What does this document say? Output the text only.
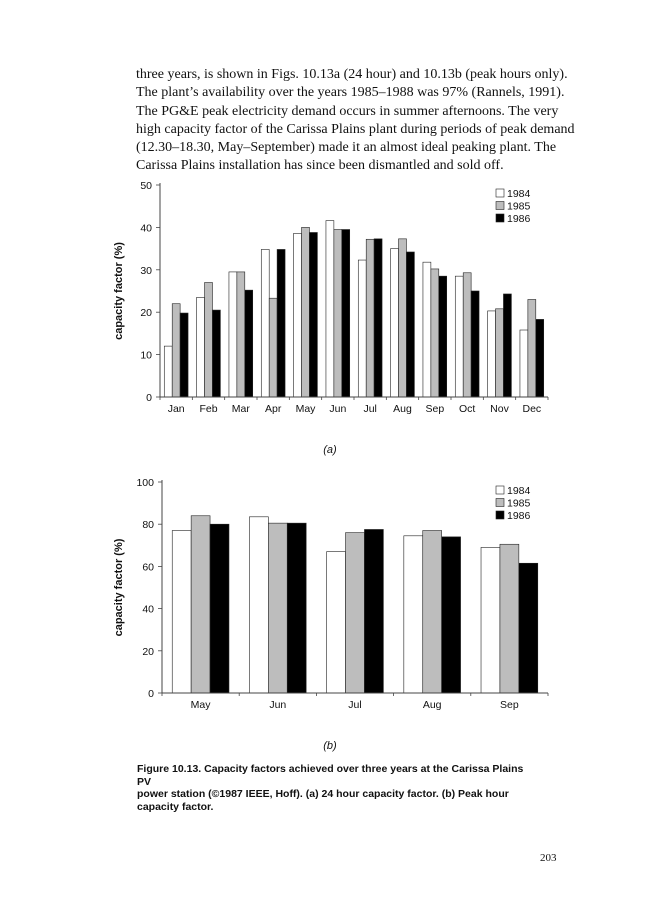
three years, is shown in Figs. 10.13a (24 hour) and 10.13b (peak hours only).

The plant’s availability over the years 1985–1988 was 97% (Rannels, 1991).

The PG&E peak electricity demand occurs in summer afternoons. The very

high capacity factor of the Carissa Plains plant during periods of peak demand

(12.30–18.30, May–September) made it an almost ideal peaking plant. The

Carissa Plains installation has since been dismantled and sold off.

Jan Feb Mar Apr May Jun Jul Aug Sep Oct Nov Dec
0
10
20
30
40
50
capacity factor (%)
1984
1985
1986
(a)
May	Jun	Jul	Aug	Sep
0
20
40
60
80
100
capacity factor (%)
1984
1985
1986
(b)
Figure 10.13. Capacity factors achieved over three years at the Carissa Plains PV
power station (©1987 IEEE, Hoff). (a) 24 hour capacity factor. (b) Peak hour
capacity factor.
203
